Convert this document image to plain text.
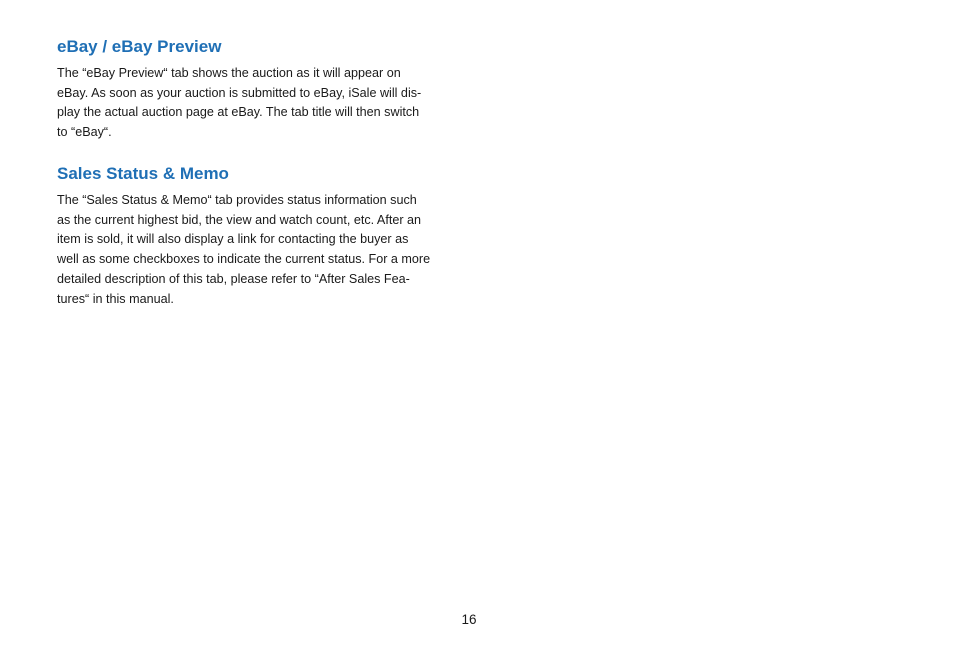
eBay / eBay Preview
The “eBay Preview“ tab shows the auction as it will appear on
eBay. As soon as your auction is submitted to eBay, iSale will dis-
play the actual auction page at eBay. The tab title will then switch
to “eBay“.
Sales Status & Memo
The “Sales Status & Memo“ tab provides status information such
as the current highest bid, the view and watch count, etc. After an
item is sold, it will also display a link for contacting the buyer as
well as some checkboxes to indicate the current status. For a more
detailed description of this tab, please refer to “After Sales Fea-
tures“ in this manual.
16
